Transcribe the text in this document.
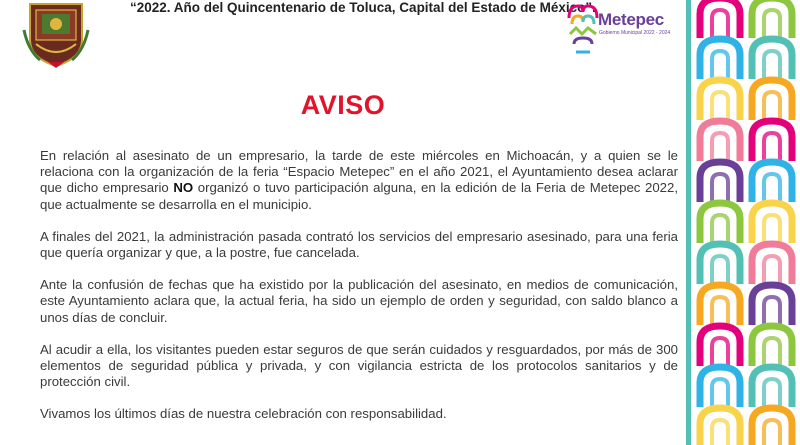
“2022. Año del Quincentenario de Toluca, Capital del Estado de México”.
Metepec
Gobierno Municipal 2022 - 2024
AVISO

En relación al asesinato de un empresario, la tarde de este miércoles en Michoacán, y a quien se le relaciona con la organización de la feria “Espacio Metepec” en el año 2021, el Ayuntamiento desea aclarar que dicho empresario NO organizó o tuvo participación alguna, en la edición de la Feria de Metepec 2022, que actualmente se desarrolla en el municipio.

A finales del 2021, la administración pasada contrató los servicios del empresario asesinado, para una feria que quería organizar y que, a la postre, fue cancelada.

Ante la confusión de fechas que ha existido por la publicación del asesinato, en medios de comunicación, este Ayuntamiento aclara que, la actual feria, ha sido un ejemplo de orden y seguridad, con saldo blanco a unos días de concluir.

Al acudir a ella, los visitantes pueden estar seguros de que serán cuidados y resguardados, por más de 300 elementos de seguridad pública y privada, y con vigilancia estricta de los protocolos sanitarios y de protección civil.

Vivamos los últimos días de nuestra celebración con responsabilidad.
